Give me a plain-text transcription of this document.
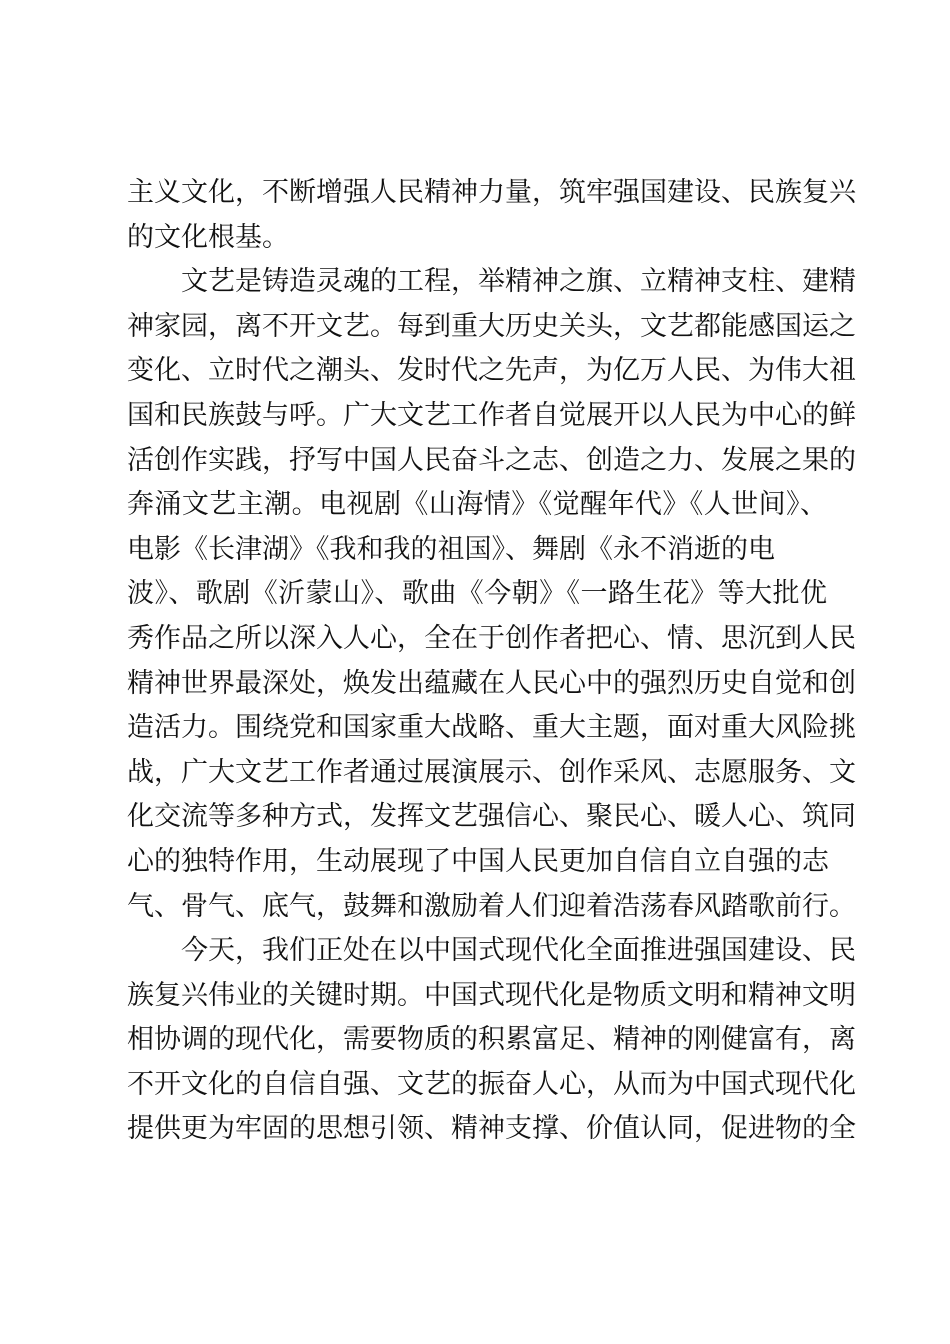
主义文化，不断增强人民精神力量，筑牢强国建设、民族复兴
的文化根基。
文艺是铸造灵魂的工程，举精神之旗、立精神支柱、建精
神家园，离不开文艺。每到重大历史关头，文艺都能感国运之
变化、立时代之潮头、发时代之先声，为亿万人民、为伟大祖
国和民族鼓与呼。广大文艺工作者自觉展开以人民为中心的鲜
活创作实践，抒写中国人民奋斗之志、创造之力、发展之果的
奔涌文艺主潮。电视剧《山海情》《觉醒年代》《人世间》、
电影《长津湖》《我和我的祖国》、舞剧《永不消逝的电
波》、歌剧《沂蒙山》、歌曲《今朝》《一路生花》等大批优
秀作品之所以深入人心，全在于创作者把心、情、思沉到人民
精神世界最深处，焕发出蕴藏在人民心中的强烈历史自觉和创
造活力。围绕党和国家重大战略、重大主题，面对重大风险挑
战，广大文艺工作者通过展演展示、创作采风、志愿服务、文
化交流等多种方式，发挥文艺强信心、聚民心、暖人心、筑同
心的独特作用，生动展现了中国人民更加自信自立自强的志
气、骨气、底气，鼓舞和激励着人们迎着浩荡春风踏歌前行。
今天，我们正处在以中国式现代化全面推进强国建设、民
族复兴伟业的关键时期。中国式现代化是物质文明和精神文明
相协调的现代化，需要物质的积累富足、精神的刚健富有，离
不开文化的自信自强、文艺的振奋人心，从而为中国式现代化
提供更为牢固的思想引领、精神支撑、价值认同，促进物的全
